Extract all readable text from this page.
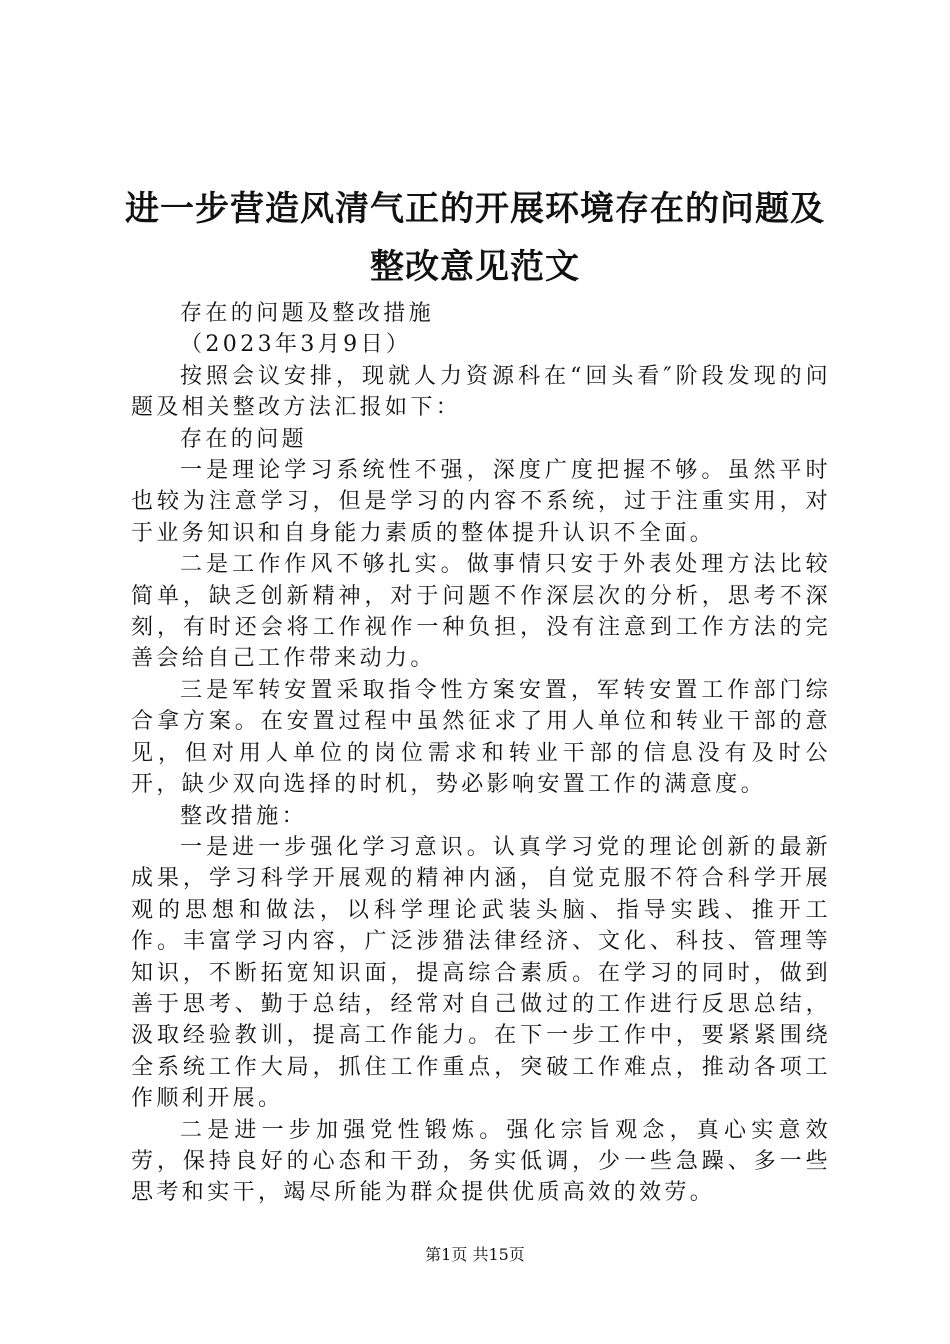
进一步营造风清气正的开展环境存在的问题及
整改意见范文

存在的问题及整改措施

（2023年3月9日）

按照会议安排，现就人力资源科在“回头看″阶段发现的问题及相关整改方法汇报如下：

存在的问题

一是理论学习系统性不强，深度广度把握不够。虽然平时也较为注意学习，但是学习的内容不系统，过于注重实用，对于业务知识和自身能力素质的整体提升认识不全面。

二是工作作风不够扎实。做事情只安于外表处理方法比较简单，缺乏创新精神，对于问题不作深层次的分析，思考不深刻，有时还会将工作视作一种负担，没有注意到工作方法的完善会给自己工作带来动力。

三是军转安置采取指令性方案安置，军转安置工作部门综合拿方案。在安置过程中虽然征求了用人单位和转业干部的意见，但对用人单位的岗位需求和转业干部的信息没有及时公开，缺少双向选择的时机，势必影响安置工作的满意度。

整改措施：

一是进一步强化学习意识。认真学习党的理论创新的最新成果，学习科学开展观的精神内涵，自觉克服不符合科学开展观的思想和做法，以科学理论武装头脑、指导实践、推开工作。丰富学习内容，广泛涉猎法律经济、文化、科技、管理等知识，不断拓宽知识面，提高综合素质。在学习的同时，做到善于思考、勤于总结，经常对自己做过的工作进行反思总结，汲取经验教训，提高工作能力。在下一步工作中，要紧紧围绕全系统工作大局，抓住工作重点，突破工作难点，推动各项工作顺利开展。

二是进一步加强党性锻炼。强化宗旨观念，真心实意效劳，保持良好的心态和干劲，务实低调，少一些急躁、多一些思考和实干，竭尽所能为群众提供优质高效的效劳。

第1页 共15页
